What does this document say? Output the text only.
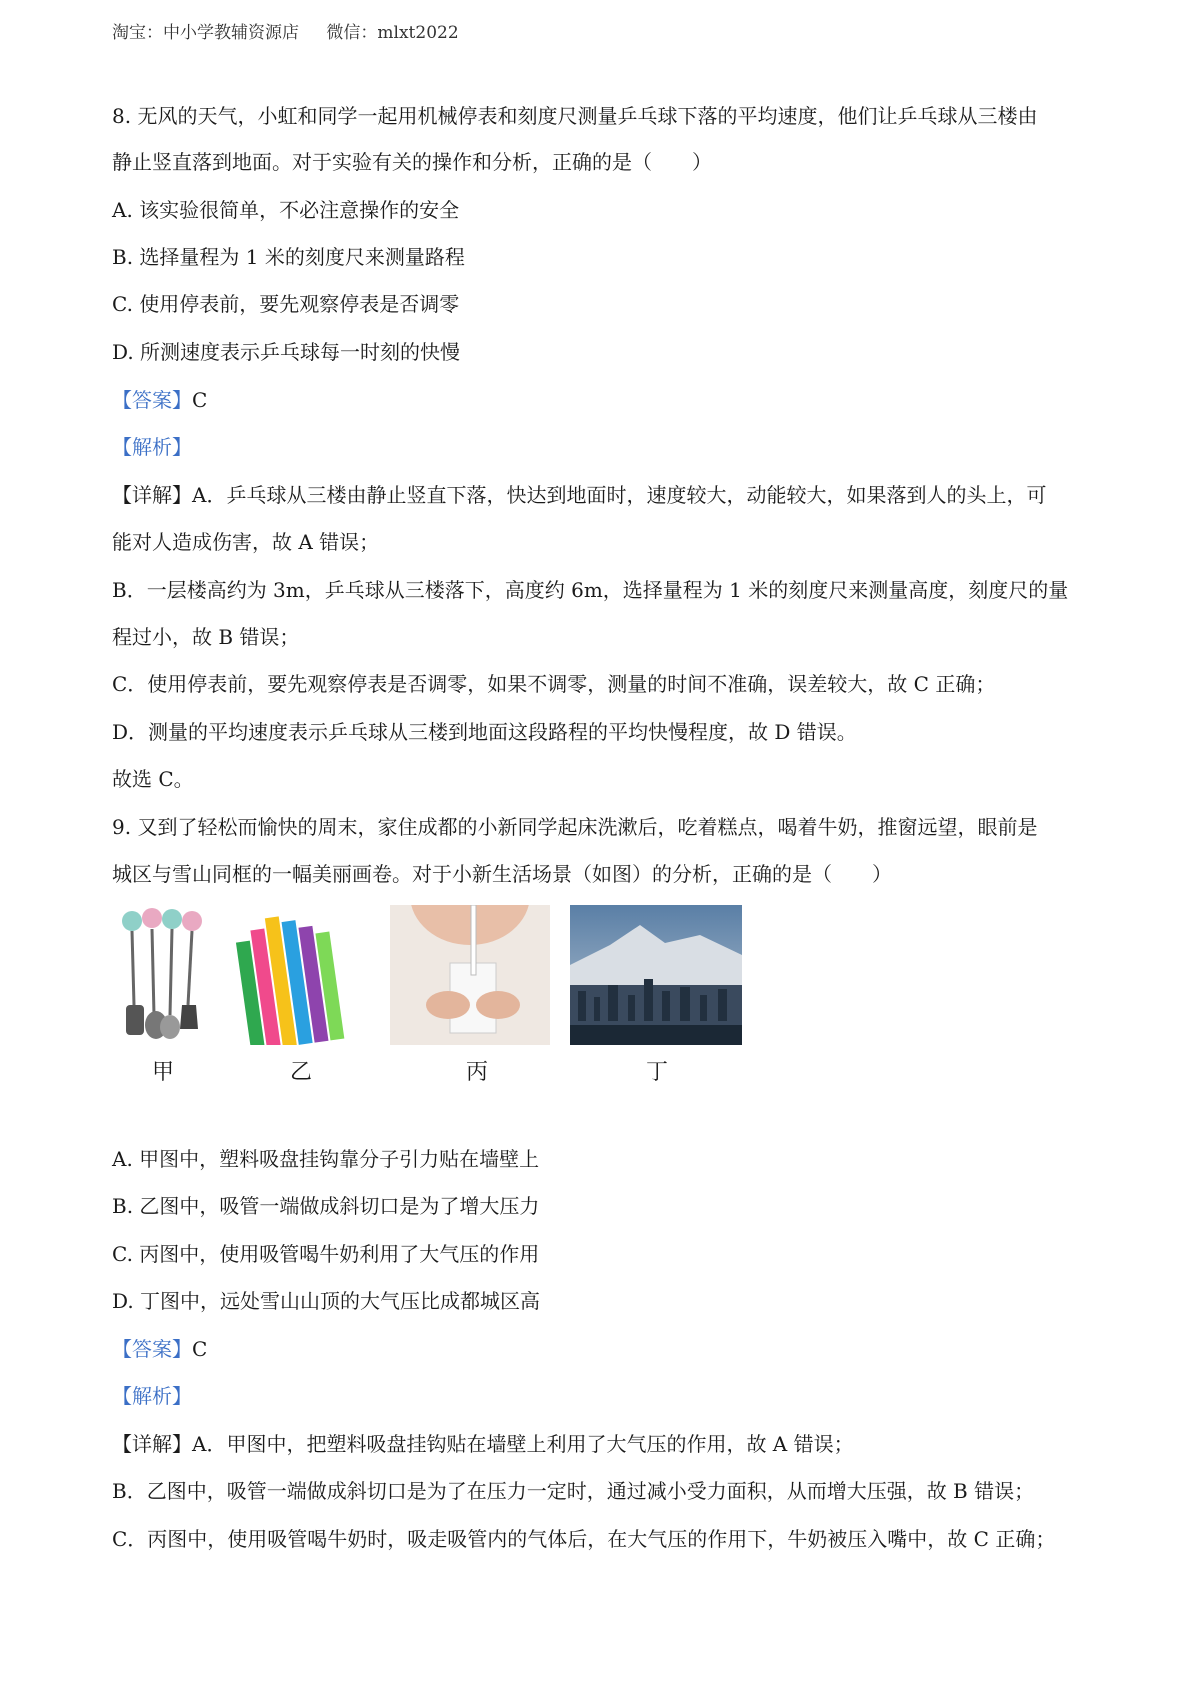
淘宝：中小学教辅资源店 微信：mlxt2022
8. 无风的天气，小虹和同学一起用机械停表和刻度尺测量乒乓球下落的平均速度，他们让乒乓球从三楼由
静止竖直落到地面。对于实验有关的操作和分析，正确的是（　　）
A. 该实验很简单，不必注意操作的安全
B. 选择量程为 1 米的刻度尺来测量路程
C. 使用停表前，要先观察停表是否调零
D. 所测速度表示乒乓球每一时刻的快慢
【答案】C
【解析】
【详解】A．乒乓球从三楼由静止竖直下落，快达到地面时，速度较大，动能较大，如果落到人的头上，可
能对人造成伤害，故 A 错误；
B．一层楼高约为 3m，乒乓球从三楼落下，高度约 6m，选择量程为 1 米的刻度尺来测量高度，刻度尺的量
程过小，故 B 错误；
C．使用停表前，要先观察停表是否调零，如果不调零，测量的时间不准确，误差较大，故 C 正确；
D．测量的平均速度表示乒乓球从三楼到地面这段路程的平均快慢程度，故 D 错误。
故选 C。
9. 又到了轻松而愉快的周末，家住成都的小新同学起床洗漱后，吃着糕点，喝着牛奶，推窗远望，眼前是
城区与雪山同框的一幅美丽画卷。对于小新生活场景（如图）的分析，正确的是（　　）
甲	乙	丙	丁
A. 甲图中，塑料吸盘挂钩靠分子引力贴在墙壁上
B. 乙图中，吸管一端做成斜切口是为了增大压力
C. 丙图中，使用吸管喝牛奶利用了大气压的作用
D. 丁图中，远处雪山山顶的大气压比成都城区高
【答案】C
【解析】
【详解】A．甲图中，把塑料吸盘挂钩贴在墙壁上利用了大气压的作用，故 A 错误；
B．乙图中，吸管一端做成斜切口是为了在压力一定时，通过减小受力面积，从而增大压强，故 B 错误；
C．丙图中，使用吸管喝牛奶时，吸走吸管内的气体后，在大气压的作用下，牛奶被压入嘴中，故 C 正确；
